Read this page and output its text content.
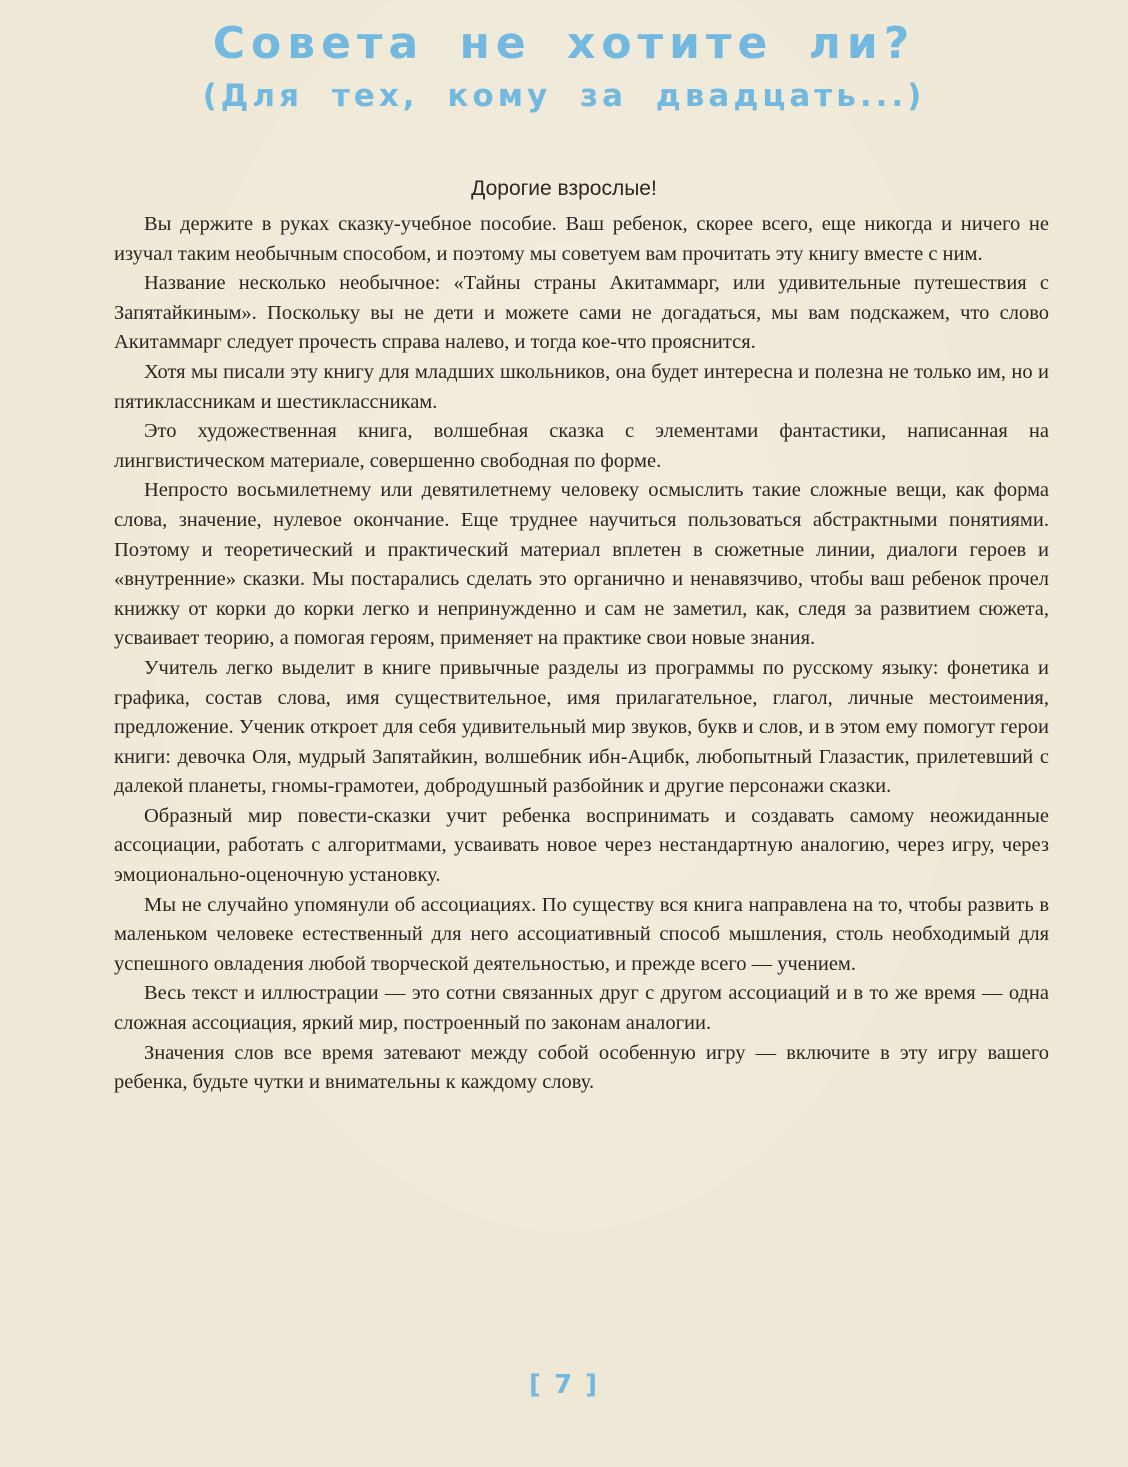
Совета не хотите ли?
(Для тех, кому за двадцать...)
Дорогие взрослые!

Вы держите в руках сказку-учебное пособие. Ваш ребенок, скорее всего, еще никогда и ничего не изучал таким необычным способом, и поэтому мы советуем вам прочитать эту книгу вместе с ним.

Название несколько необычное: «Тайны страны Акитаммарг, или удивительные путешествия с Запятайкиным». Поскольку вы не дети и можете сами не догадаться, мы вам подскажем, что слово Акитаммарг следует прочесть справа налево, и тогда кое-что прояснится.

Хотя мы писали эту книгу для младших школьников, она будет интересна и полезна не только им, но и пятиклассникам и шестиклассникам.

Это художественная книга, волшебная сказка с элементами фантастики, написанная на лингвистическом материале, совершенно свободная по форме.

Непросто восьмилетнему или девятилетнему человеку осмыслить такие сложные вещи, как форма слова, значение, нулевое окончание. Еще труднее научиться пользоваться абстрактными понятиями. Поэтому и теоретический и практический материал вплетен в сюжетные линии, диалоги героев и «внутренние» сказки. Мы постарались сделать это органично и ненавязчиво, чтобы ваш ребенок прочел книжку от корки до корки легко и непринужденно и сам не заметил, как, следя за развитием сюжета, усваивает теорию, а помогая героям, применяет на практике свои новые знания.

Учитель легко выделит в книге привычные разделы из программы по русскому языку: фонетика и графика, состав слова, имя существительное, имя прилагательное, глагол, личные местоимения, предложение. Ученик откроет для себя удивительный мир звуков, букв и слов, и в этом ему помогут герои книги: девочка Оля, мудрый Запятайкин, волшебник ибн-Ацибк, любопытный Глазастик, прилетевший с далекой планеты, гномы-грамотеи, добродушный разбойник и другие персонажи сказки.

Образный мир повести-сказки учит ребенка воспринимать и создавать самому неожиданные ассоциации, работать с алгоритмами, усваивать новое через нестандартную аналогию, через игру, через эмоционально-оценочную установку.

Мы не случайно упомянули об ассоциациях. По существу вся книга направлена на то, чтобы развить в маленьком человеке естественный для него ассоциативный способ мышления, столь необходимый для успешного овладения любой творческой деятельностью, и прежде всего — учением.

Весь текст и иллюстрации — это сотни связанных друг с другом ассоциаций и в то же время — одна сложная ассоциация, яркий мир, построенный по законам аналогии.

Значения слов все время затевают между собой особенную игру — включите в эту игру вашего ребенка, будьте чутки и внимательны к каждому слову.

[ 7 ]
